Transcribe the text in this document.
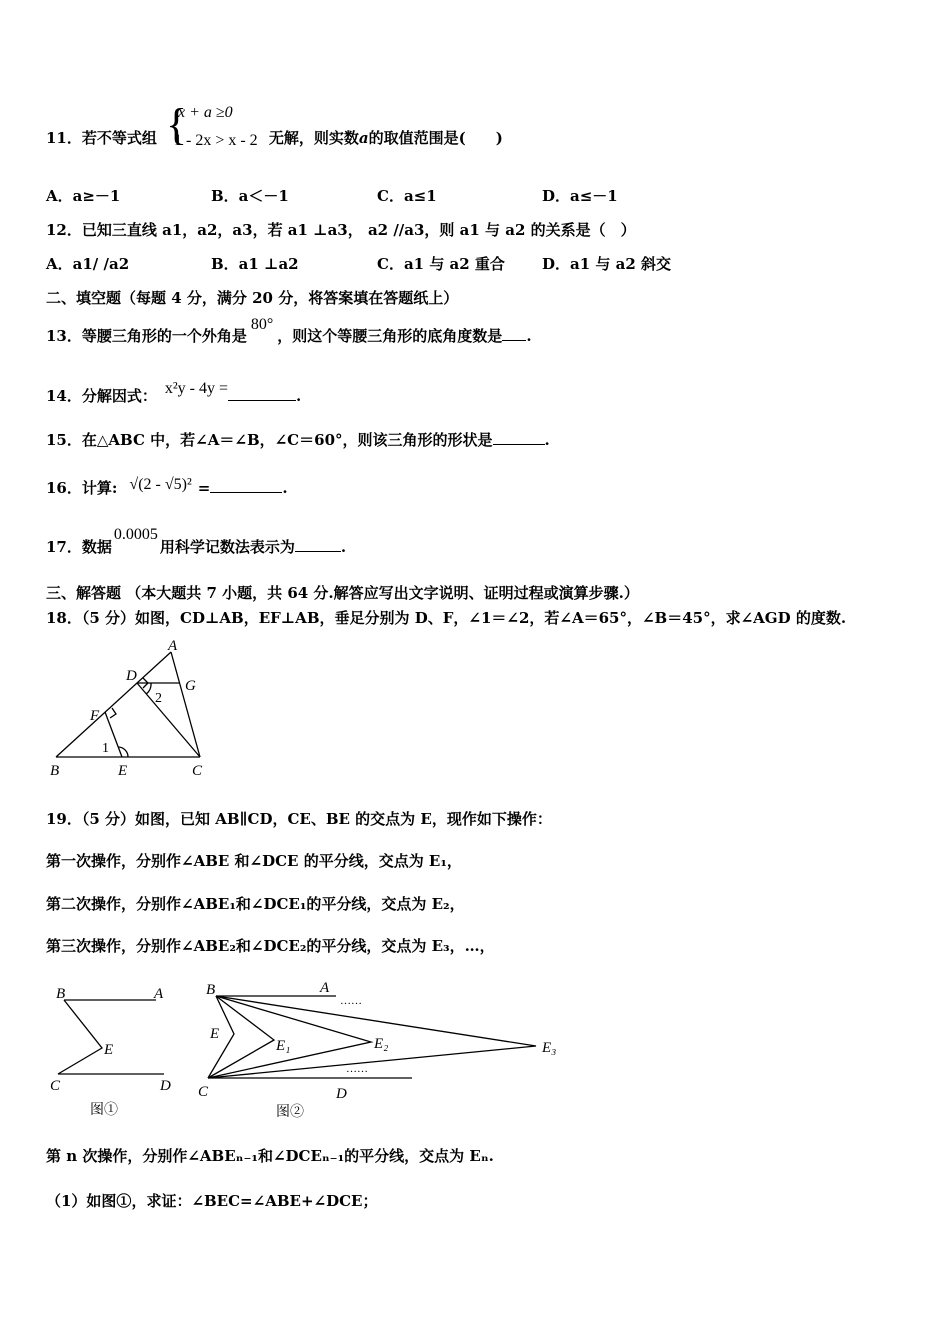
11．若不等式组	无解，则实数a的取值范围是(　　)
{
x + a ≥0
1 - 2x > x - 2
A．a≥－1	B．a＜－1	C．a≤1	D．a≤－1
12．已知三直线 a1，a2，a3，若 a1 ⊥a3， a2 //a3，则 a1 与 a2 的关系是（　）
A．a1/ /a2	B．a1 ⊥a2	C．a1 与 a2 重合 D．a1 与 a2 斜交
二、填空题（每题 4 分，满分 20 分，将答案填在答题纸上）
13．等腰三角形的一个外角是80°，则这个等腰三角形的底角度数是 .
14．分解因式： x²y - 4y =	.
15．在△ABC 中，若∠A＝∠B，∠C＝60°，则该三角形的形状是	.
16．计算: √(2 - √5)² =	.
17．数据0.0005用科学记数法表示为	.
三、解答题 （本大题共 7 小题，共 64 分.解答应写出文字说明、证明过程或演算步骤.）
18．（5 分）如图，CD⊥AB，EF⊥AB，垂足分别为 D、F，∠1＝∠2，若∠A＝65°，∠B＝45°，求∠AGD 的度数.
A
D
G
F
B	E	C
2
1
19．（5 分）如图，已知 AB∥CD，CE、BE 的交点为 E，现作如下操作：
第一次操作，分别作∠ABE 和∠DCE 的平分线，交点为 E₁，
第二次操作，分别作∠ABE₁和∠DCE₁的平分线，交点为 E₂，
第三次操作，分别作∠ABE₂和∠DCE₂的平分线，交点为 E₃，…，
B	A
E
C	D
图①
B	A
E
E₁	E₂	E₃
C	D
……
……
图②
第 n 次操作，分别作∠ABEₙ₋₁和∠DCEₙ₋₁的平分线，交点为 Eₙ.
（1）如图①，求证：∠BEC=∠ABE+∠DCE；
